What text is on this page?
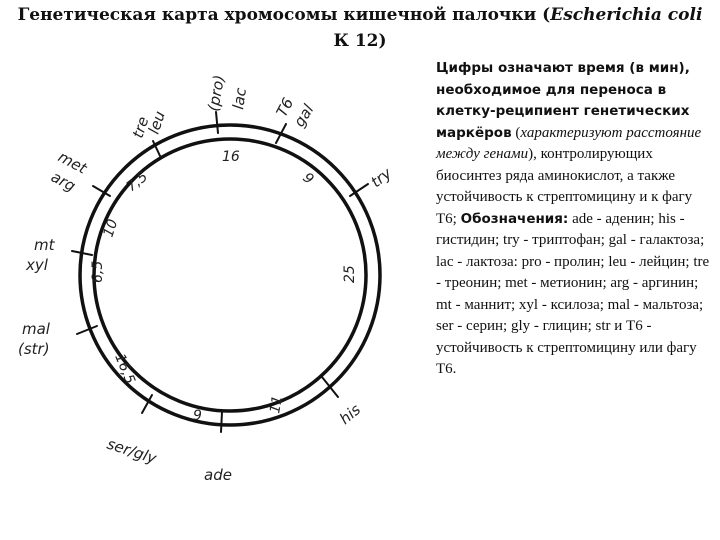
Генетическая карта хромосомы кишечной палочки (Escherichia coli
К 12)
tre
leu
(pro) lac T6
gal
try
his
ade
ser/gly
mal
(str)
mt
xyl
met
arg
16
9
25
11
9
16,5
6,5
10
7,5
Цифры означают время (в мин), необходимое для переноса в клетку-реципиент генетических маркёров (характеризуют расстояние между генами), контролирующих биосинтез ряда аминокислот, а также устойчивость к стрептомицину и к фагу Т6; Обозначения: ade - аденин; his - гистидин; try - триптофан; gal - галактоза; lac - лактоза: pro - пролин; leu - лейцин; tre - треонин; met - метионин; arg - аргинин; mt - маннит; xyl - ксилоза; mal - мальтоза; ser - серин; gly - глицин; str и Т6 - устойчивость к стрептомицину или фагу Т6.
